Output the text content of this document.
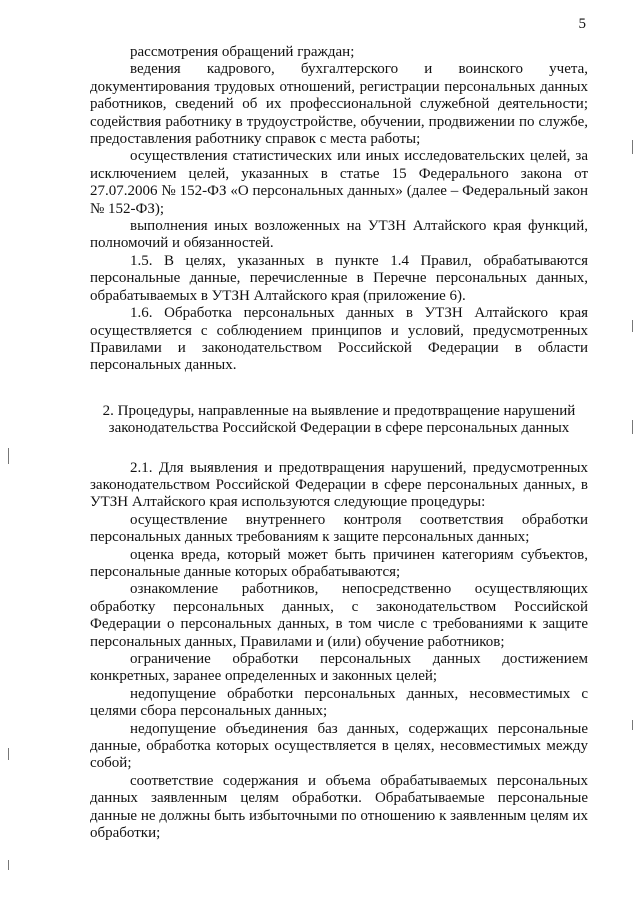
5

рассмотрения обращений граждан;

ведения кадрового, бухгалтерского и воинского учета, документирования трудовых отношений, регистрации персональных данных работников, сведений об их профессиональной служебной деятельности; содействия работнику в трудоустройстве, обучении, продвижении по службе, предоставления работнику справок с места работы;

осуществления статистических или иных исследовательских целей, за исключением целей, указанных в статье 15 Федерального закона от 27.07.2006 № 152-ФЗ «О персональных данных» (далее – Федеральный закон № 152-ФЗ);

выполнения иных возложенных на УТЗН Алтайского края функций, полномочий и обязанностей.

1.5. В целях, указанных в пункте 1.4 Правил, обрабатываются персональные данные, перечисленные в Перечне персональных данных, обрабатываемых в УТЗН Алтайского края (приложение 6).

1.6. Обработка персональных данных в УТЗН Алтайского края осуществляется с соблюдением принципов и условий, предусмотренных Правилами и законодательством Российской Федерации в области персональных данных.

2. Процедуры, направленные на выявление и предотвращение нарушений
законодательства Российской Федерации в сфере персональных данных

2.1. Для выявления и предотвращения нарушений, предусмотренных законодательством Российской Федерации в сфере персональных данных, в УТЗН Алтайского края используются следующие процедуры:

осуществление внутреннего контроля соответствия обработки персональных данных требованиям к защите персональных данных;

оценка вреда, который может быть причинен категориям субъектов, персональные данные которых обрабатываются;

ознакомление работников, непосредственно осуществляющих обработку персональных данных, с законодательством Российской Федерации о персональных данных, в том числе с требованиями к защите персональных данных, Правилами и (или) обучение работников;

ограничение обработки персональных данных достижением конкретных, заранее определенных и законных целей;

недопущение обработки персональных данных, несовместимых с целями сбора персональных данных;

недопущение объединения баз данных, содержащих персональные данные, обработка которых осуществляется в целях, несовместимых между собой;

соответствие содержания и объема обрабатываемых персональных данных заявленным целям обработки. Обрабатываемые персональные данные не должны быть избыточными по отношению к заявленным целям их обработки;
